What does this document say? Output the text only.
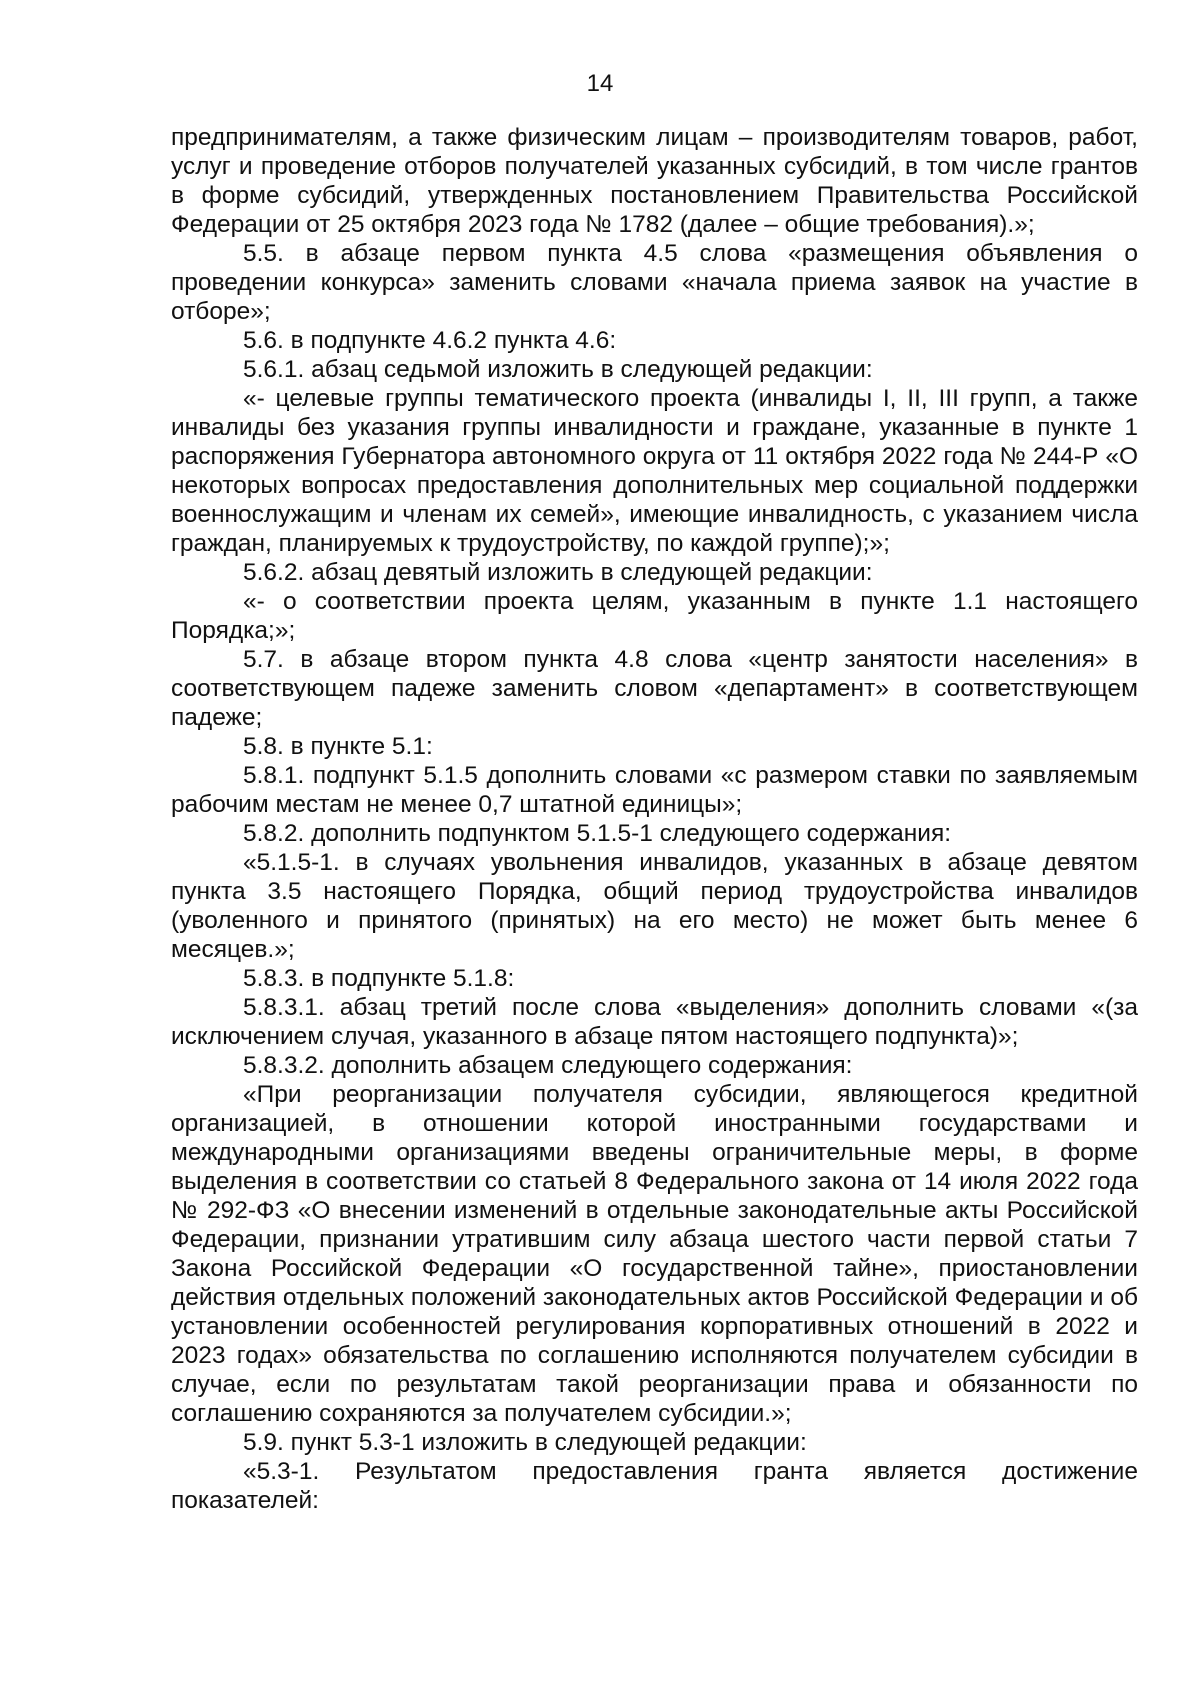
14

предпринимателям, а также физическим лицам – производителям товаров, работ, услуг и проведение отборов получателей указанных субсидий, в том числе грантов в форме субсидий, утвержденных постановлением Правительства Российской Федерации от 25 октября 2023 года № 1782 (далее – общие требования).»;

5.5. в абзаце первом пункта 4.5 слова «размещения объявления о проведении конкурса» заменить словами «начала приема заявок на участие в отборе»;

5.6. в подпункте 4.6.2 пункта 4.6:

5.6.1. абзац седьмой изложить в следующей редакции:

«- целевые группы тематического проекта (инвалиды I, II, III групп, а также инвалиды без указания группы инвалидности и граждане, указанные в пункте 1 распоряжения Губернатора автономного округа от 11 октября 2022 года № 244-Р «О некоторых вопросах предоставления дополнительных мер социальной поддержки военнослужащим и членам их семей», имеющие инвалидность, с указанием числа граждан, планируемых к трудоустройству, по каждой группе);»;

5.6.2. абзац девятый изложить в следующей редакции:

«- о соответствии проекта целям, указанным в пункте 1.1 настоящего Порядка;»;

5.7. в абзаце втором пункта 4.8 слова «центр занятости населения» в соответствующем падеже заменить словом «департамент» в соответствующем падеже;

5.8. в пункте 5.1:

5.8.1. подпункт 5.1.5 дополнить словами «с размером ставки по заявляемым рабочим местам не менее 0,7 штатной единицы»;

5.8.2. дополнить подпунктом 5.1.5-1 следующего содержания:

«5.1.5-1. в случаях увольнения инвалидов, указанных в абзаце девятом пункта 3.5 настоящего Порядка, общий период трудоустройства инвалидов (уволенного и принятого (принятых) на его место) не может быть менее 6 месяцев.»;

5.8.3. в подпункте 5.1.8:

5.8.3.1. абзац третий после слова «выделения» дополнить словами «(за исключением случая, указанного в абзаце пятом настоящего подпункта)»;

5.8.3.2. дополнить абзацем следующего содержания:

«При реорганизации получателя субсидии, являющегося кредитной организацией, в отношении которой иностранными государствами и международными организациями введены ограничительные меры, в форме выделения в соответствии со статьей 8 Федерального закона от 14 июля 2022 года № 292-ФЗ «О внесении изменений в отдельные законодательные акты Российской Федерации, признании утратившим силу абзаца шестого части первой статьи 7 Закона Российской Федерации «О государственной тайне», приостановлении действия отдельных положений законодательных актов Российской Федерации и об установлении особенностей регулирования корпоративных отношений в 2022 и 2023 годах» обязательства по соглашению исполняются получателем субсидии в случае, если по результатам такой реорганизации права и обязанности по соглашению сохраняются за получателем субсидии.»;

5.9. пункт 5.3-1 изложить в следующей редакции:

«5.3-1. Результатом предоставления гранта является достижение показателей:
